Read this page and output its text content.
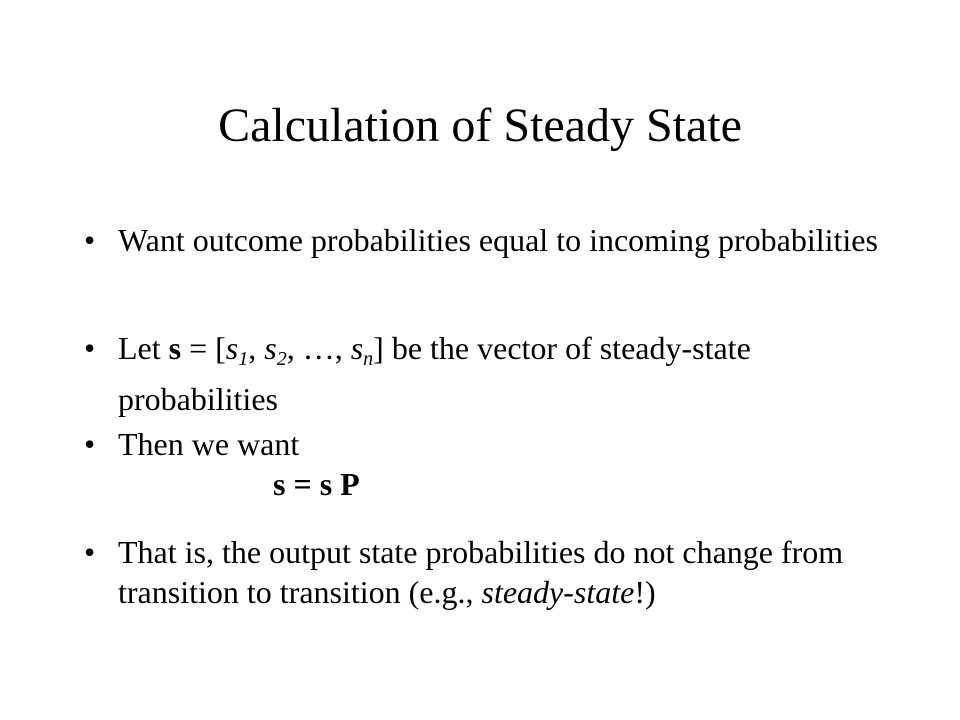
Calculation of Steady State
• Want outcome probabilities equal to incoming probabilities
• Let $s = [s_1$, $s_2$, …, $s_n$] be the vector of steady-state probabilities
• Then we want
s = s P
• That is, the output state probabilities do not change from transition to transition (e.g., steady-state!)
